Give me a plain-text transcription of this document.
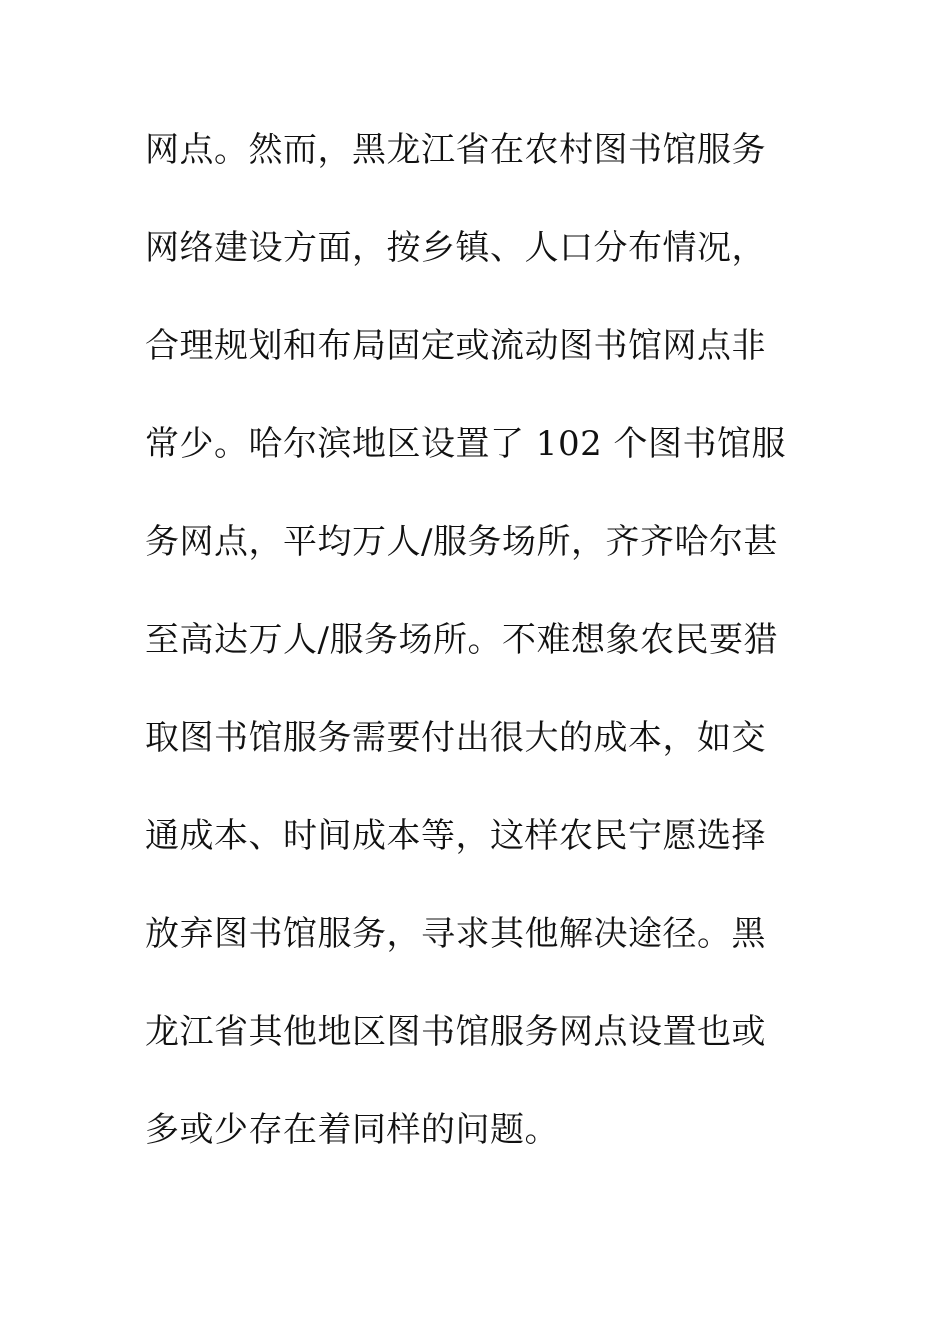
网点。然而，黑龙江省在农村图书馆服务
网络建设方面，按乡镇、人口分布情况，
合理规划和布局固定或流动图书馆网点非
常少。哈尔滨地区设置了 102 个图书馆服
务网点，平均万人/服务场所，齐齐哈尔甚
至高达万人/服务场所。不难想象农民要猎
取图书馆服务需要付出很大的成本，如交
通成本、时间成本等，这样农民宁愿选择
放弃图书馆服务，寻求其他解决途径。黑
龙江省其他地区图书馆服务网点设置也或
多或少存在着同样的问题。
